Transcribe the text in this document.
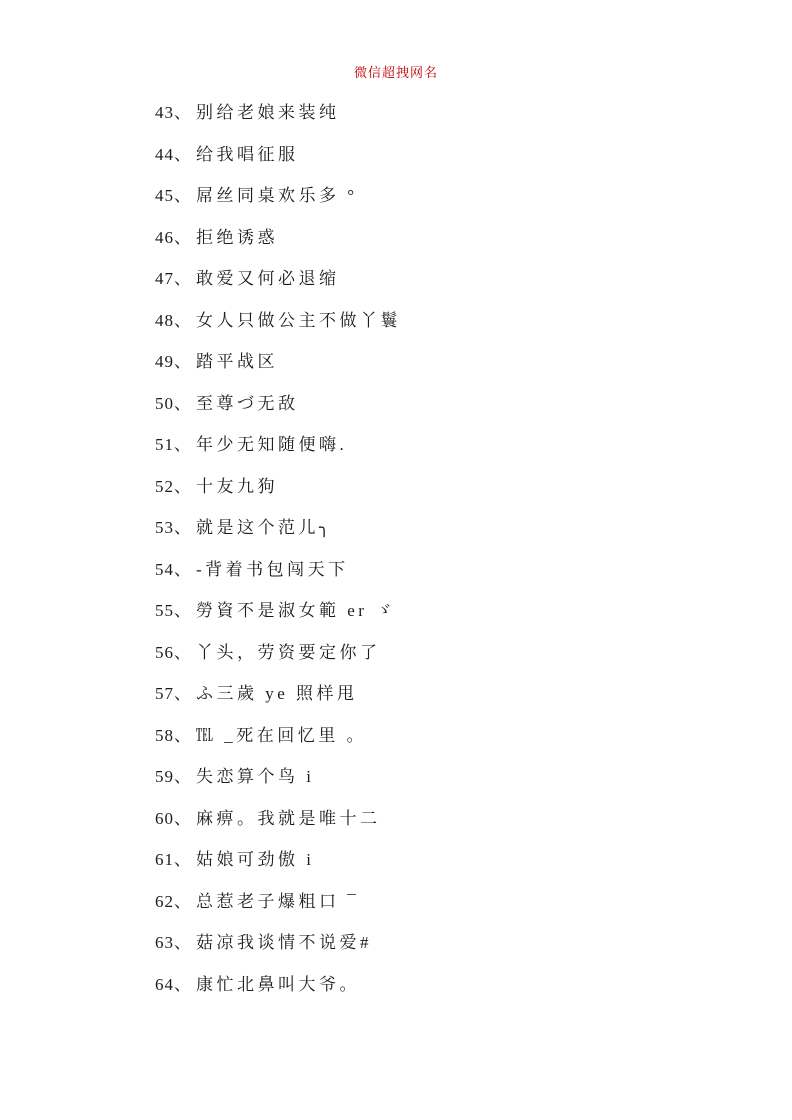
微信超拽网名
43、 别给老娘来装纯
44、 给我唱征服
45、 屌丝同桌欢乐多 °
46、 拒绝诱惑
47、 敢爱又何必退缩
48、 女人只做公主不做丫鬟
49、 踏平战区
50、 至尊づ无敌
51、 年少无知随便嗨.
52、 十友九狗
53、 就是这个范儿╮
54、 -背着书包闯天下
55、 勞資不是淑女範 er ゞ
56、 丫头，劳资要定你了
57、 ふ三歲 ye 照样甩
58、 ℡ _死在回忆里 。
59、 失恋算个鸟 i
60、 麻痹。我就是唯十二
61、 姑娘可劲傲 i
62、 总惹老子爆粗口 ¯
63、 菇凉我谈情不说爱#
64、 康忙北鼻叫大爷。
